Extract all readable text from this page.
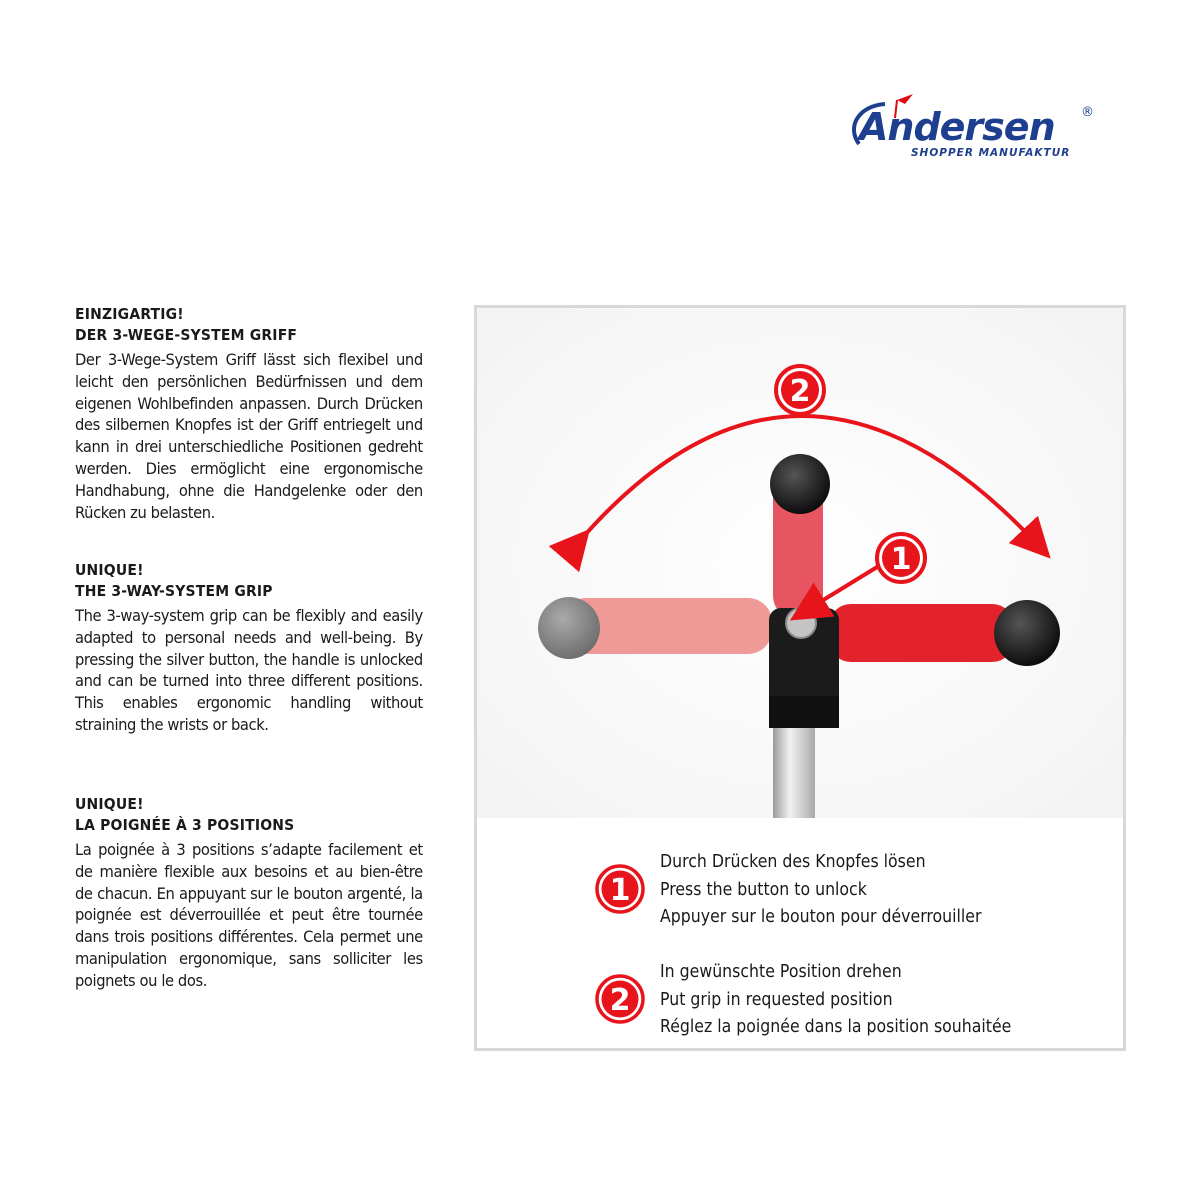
Andersen ®
SHOPPER MANUFAKTUR

EINZIGARTIG!

DER 3-WEGE-SYSTEM GRIFF

Der 3-Wege-System Griff lässt sich flexibel und leicht den persönlichen Bedürfnissen und dem eigenen Wohlbefinden anpassen. Durch Drücken des silbernen Knopfes ist der Griff entriegelt und kann in drei unterschiedliche Positionen gedreht werden. Dies ermöglicht eine ergonomische Handhabung, ohne die Handgelenke oder den Rücken zu belasten.

UNIQUE!

THE 3-WAY-SYSTEM GRIP

The 3-way-system grip can be flexibly and easily adapted to personal needs and well-being. By pressing the silver button, the handle is unlocked and can be turned into three different positions. This enables ergonomic handling without straining the wrists or back.

UNIQUE!

LA POIGNÉE À 3 POSITIONS

La poignée à 3 positions s’adapte facilement et de manière flexible aux besoins et au bien-être de chacun. En appuyant sur le bouton argenté, la poignée est déverrouillée et peut être tournée dans trois positions différentes. Cela permet une manipulation ergonomique, sans solliciter les poignets ou le dos.

2
1
1
Durch Drücken des Knopfes lösen
Press the button to unlock
Appuyer sur le bouton pour déverrouiller
2
In gewünschte Position drehen
Put grip in requested position
Réglez la poignée dans la position souhaitée
